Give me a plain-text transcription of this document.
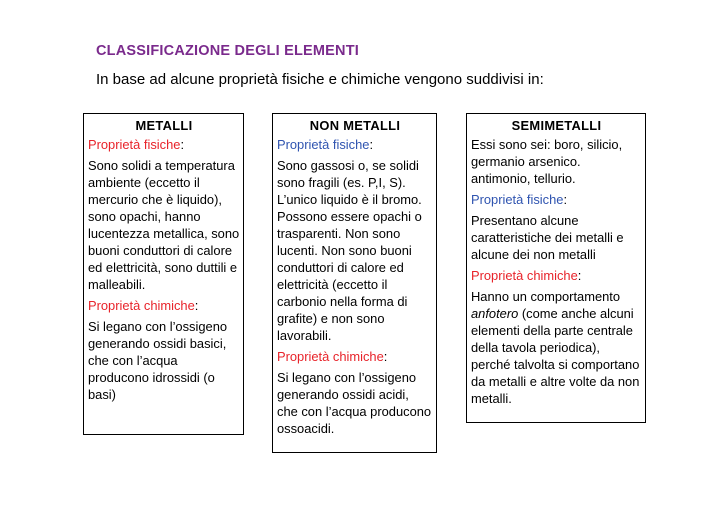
CLASSIFICAZIONE DEGLI ELEMENTI
In base ad alcune proprietà fisiche e chimiche vengono suddivisi in:
METALLI

Proprietà fisiche:

Sono solidi a temperatura ambiente (eccetto il mercurio che è liquido), sono opachi, hanno lucentezza metallica, sono buoni conduttori di calore ed elettricità, sono duttili e malleabili.

Proprietà chimiche:

Si legano con l’ossigeno generando ossidi basici, che con l’acqua producono idrossidi (o basi)

NON METALLI

Proprietà fisiche:

Sono gassosi o, se solidi sono fragili (es. P,I, S). L’unico liquido è il bromo. Possono essere opachi o trasparenti. Non sono lucenti. Non sono buoni conduttori di calore ed elettricità (eccetto il carbonio nella forma di grafite) e non sono lavorabili.

Proprietà chimiche:

Si legano con l’ossigeno generando ossidi acidi, che con l’acqua producono ossoacidi.

SEMIMETALLI

Essi sono sei: boro, silicio, germanio arsenico. antimonio, tellurio.

Proprietà fisiche:

Presentano alcune caratteristiche dei metalli e alcune dei non metalli

Proprietà chimiche:

Hanno un comportamento anfotero (come anche alcuni elementi della parte centrale della tavola periodica), perché talvolta si comportano da metalli e altre volte da non metalli.
